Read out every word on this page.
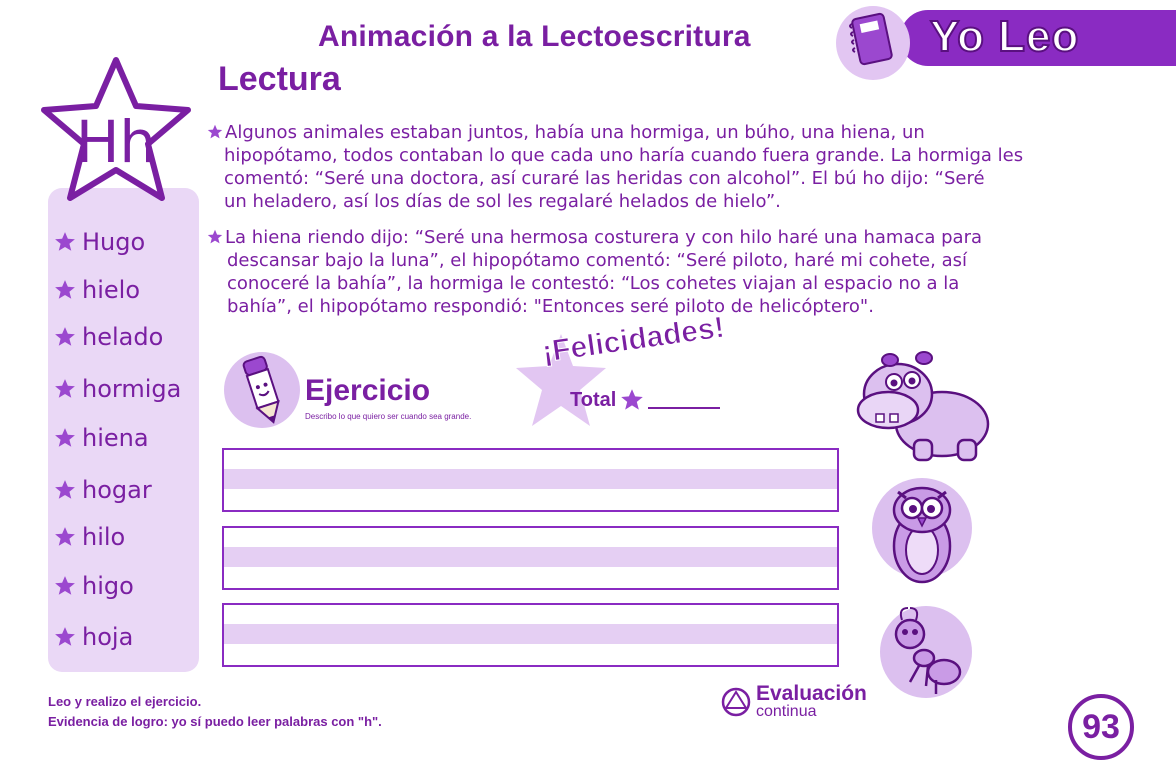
Animación a la Lectoescritura
Lectura
Yo Leo
Hh
Hugo
hielo
helado
hormiga
hiena
hogar
hilo
higo
hoja
Algunos animales estaban juntos, había una hormiga, un búho, una hiena, un
hipopótamo, todos contaban lo que cada uno haría cuando fuera grande. La hormiga les
comentó: “Seré una doctora, así curaré las heridas con alcohol”. El bú ho dijo: “Seré
un heladero, así los días de sol les regalaré helados de hielo”.
La hiena riendo dijo: “Seré una hermosa costurera y con hilo haré una hamaca para
descansar bajo la luna”, el hipopótamo comentó: “Seré piloto, haré mi cohete, así
conoceré la bahía”, la hormiga le contestó: “Los cohetes viajan al espacio no a la
bahía”, el hipopótamo respondió: "Entonces seré piloto de helicóptero".
Ejercicio
Describo lo que quiero ser cuando sea grande.
¡Felicidades!
Total
Evaluación
continua
Leo y realizo el ejercicio.
Evidencia de logro: yo sí puedo leer palabras con "h".	93
